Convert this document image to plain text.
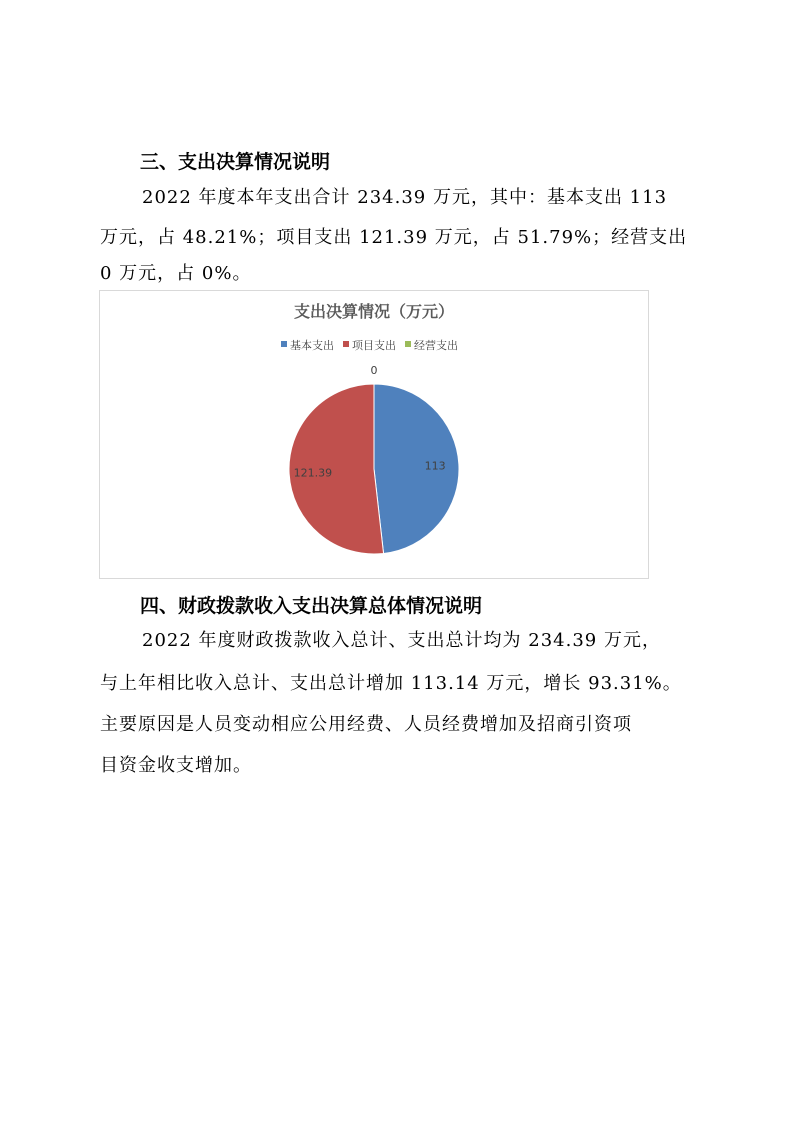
三、支出决算情况说明

2022 年度本年支出合计 234.39 万元，其中：基本支出 113

万元，占 48.21%；项目支出 121.39 万元，占 51.79%；经营支出

0 万元，占 0%。

支出决算情况（万元）
基本支出 项目支出 经营支出
113
121.39
0
四、财政拨款收入支出决算总体情况说明

2022 年度财政拨款收入总计、支出总计均为 234.39 万元，

与上年相比收入总计、支出总计增加 113.14 万元，增长 93.31%。

主要原因是人员变动相应公用经费、人员经费增加及招商引资项

目资金收支增加。
